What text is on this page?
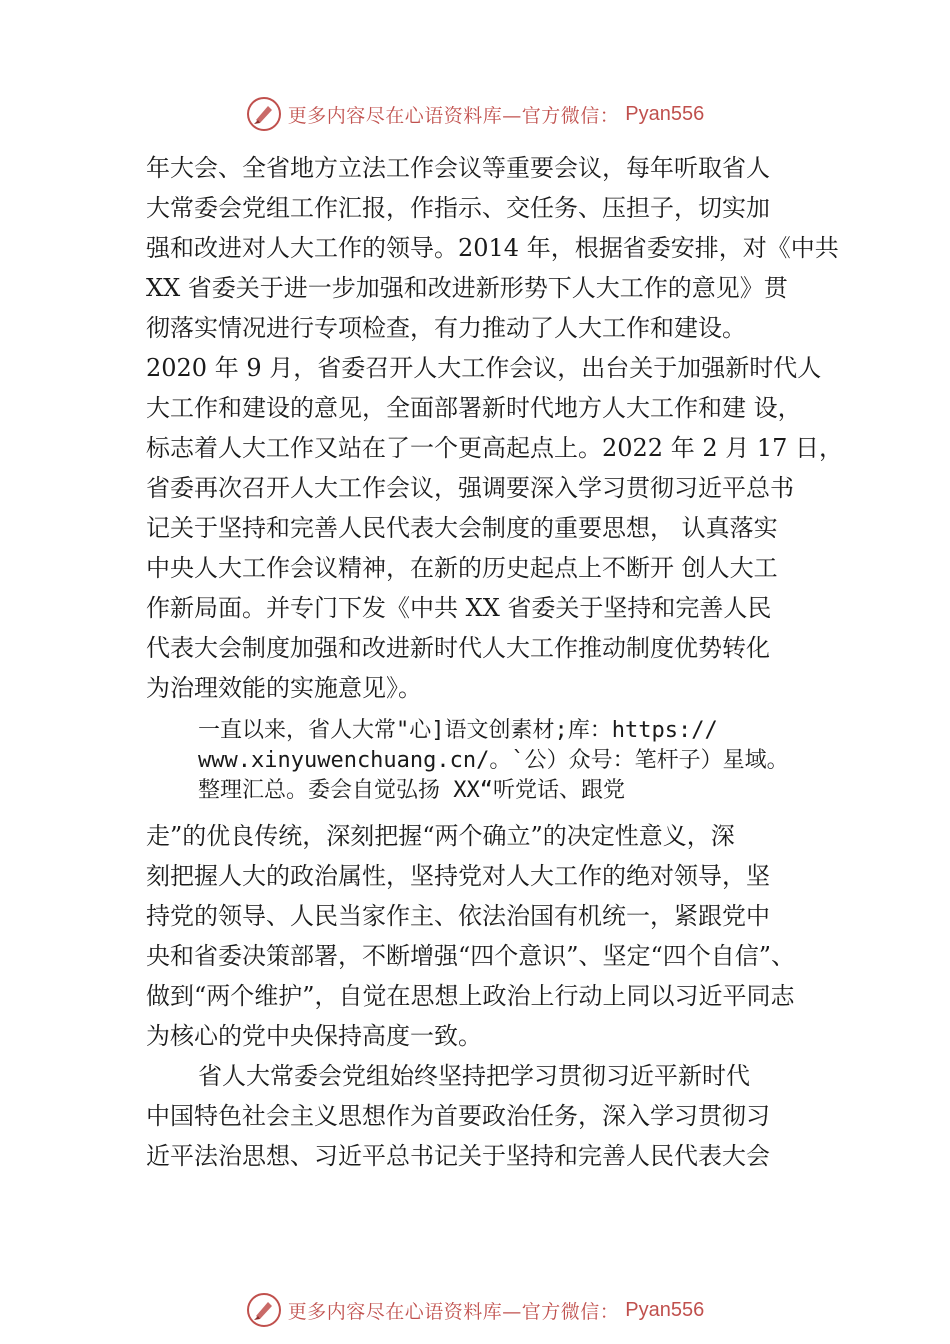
更多内容尽在心语资料库—官方微信： Pyan556
年大会、全省地方立法工作会议等重要会议，每年听取省人
大常委会党组工作汇报，作指示、交任务、压担子，切实加
强和改进对人大工作的领导。2014 年，根据省委安排，对《中共
XX 省委关于进一步加强和改进新形势下人大工作的意见》贯
彻落实情况进行专项检查，有力推动了人大工作和建设。
2020 年 9 月，省委召开人大工作会议，出台关于加强新时代人
大工作和建设的意见，全面部署新时代地方人大工作和建 设，
标志着人大工作又站在了一个更高起点上。2022 年 2 月 17 日，
省委再次召开人大工作会议，强调要深入学习贯彻习近平总书
记关于坚持和完善人民代表大会制度的重要思想， 认真落实
中央人大工作会议精神，在新的历史起点上不断开 创人大工
作新局面。并专门下发《中共 XX 省委关于坚持和完善人民
代表大会制度加强和改进新时代人大工作推动制度优势转化
为治理效能的实施意见》。
一直以来，省人大常"心]语文创素材;库：https://
www.xinyuwenchuang.cn/。`公）众号：笔杆子）星域。
整理汇总。委会自觉弘扬 XX“听党话、跟党
走”的优良传统，深刻把握“两个确立”的决定性意义，深
刻把握人大的政治属性，坚持党对人大工作的绝对领导，坚
持党的领导、人民当家作主、依法治国有机统一，紧跟党中
央和省委决策部署，不断增强“四个意识”、坚定“四个自信”、
做到“两个维护”，自觉在思想上政治上行动上同以习近平同志
为核心的党中央保持高度一致。
省人大常委会党组始终坚持把学习贯彻习近平新时代
中国特色社会主义思想作为首要政治任务，深入学习贯彻习
近平法治思想、习近平总书记关于坚持和完善人民代表大会
更多内容尽在心语资料库—官方微信： Pyan556
